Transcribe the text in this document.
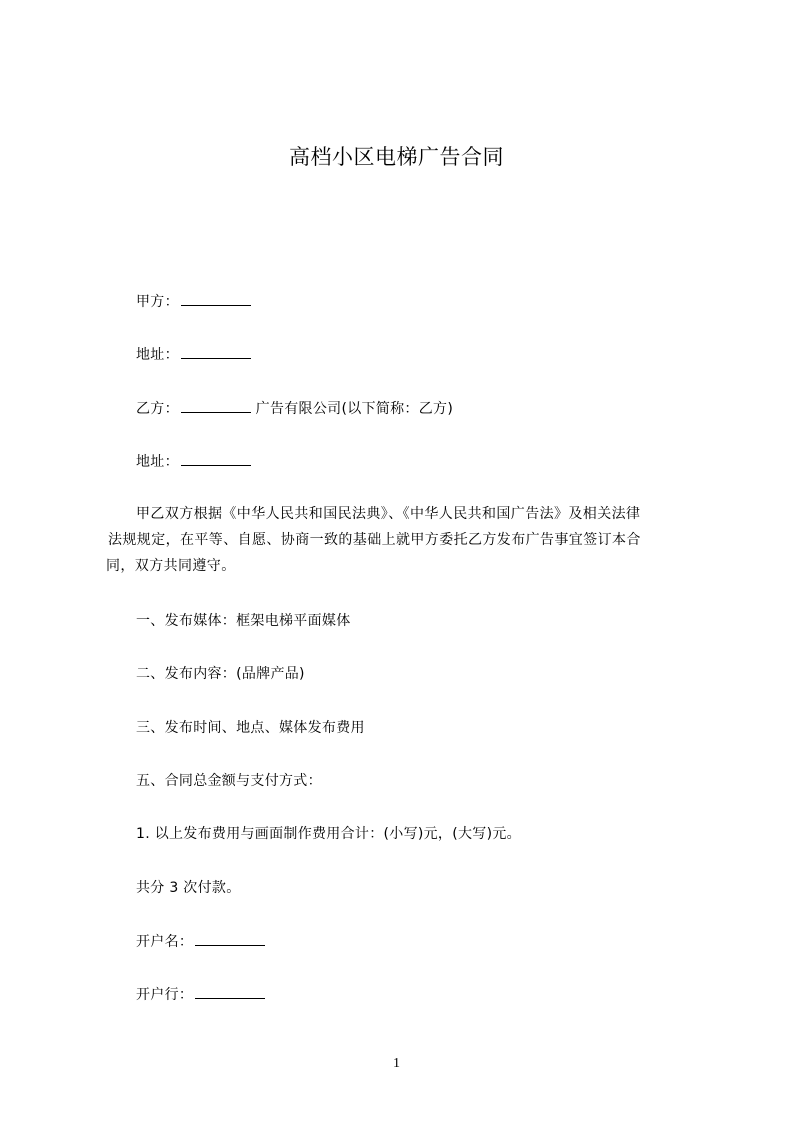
高档小区电梯广告合同
甲方：
地址：
乙方：	广告有限公司(以下简称：乙方)
地址：
甲乙双方根据《中华人民共和国民法典》、《中华人民共和国广告法》及相关法律
法规规定，在平等、自愿、协商一致的基础上就甲方委托乙方发布广告事宜签订本合
同，双方共同遵守。
一、发布媒体：框架电梯平面媒体
二、发布内容：(品牌产品)
三、发布时间、地点、媒体发布费用
五、合同总金额与支付方式：
1. 以上发布费用与画面制作费用合计：(小写)元，(大写)元。
共分 3 次付款。
开户名：
开户行：
1
